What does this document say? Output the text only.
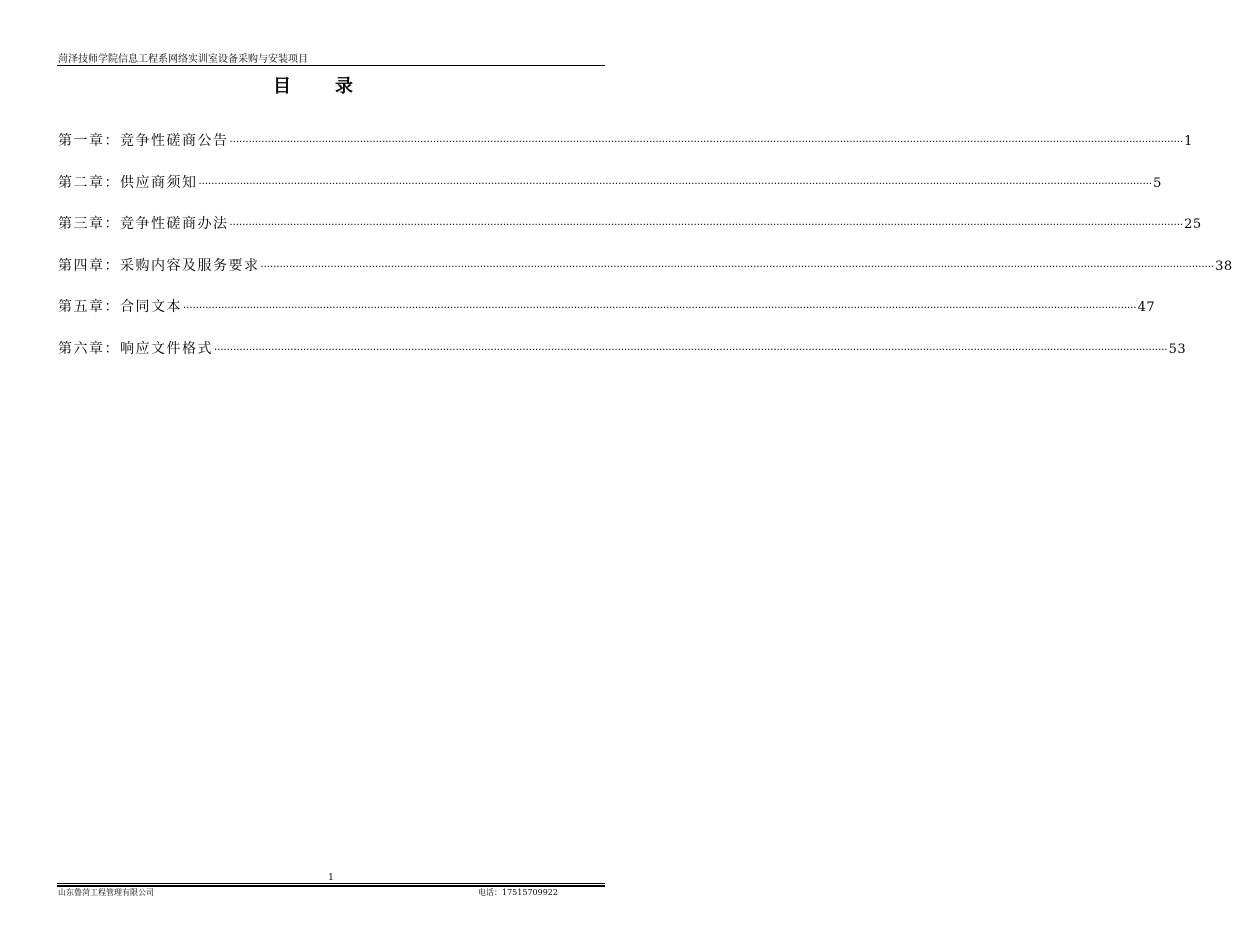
菏泽技师学院信息工程系网络实训室设备采购与安装项目
目 录
第一章：竞争性磋商公告 ············································································································································································································································································································ 1
第二章：供应商须知 ············································································································································································································································································································ 5
第三章：竞争性磋商办法 ············································································································································································································································································································ 25
第四章：采购内容及服务要求 ············································································································································································································································································································ 38
第五章：合同文本 ············································································································································································································································································································ 47
第六章：响应文件格式 ············································································································································································································································································································ 53
1
山东鲁菏工程管理有限公司	电话：17515709922
